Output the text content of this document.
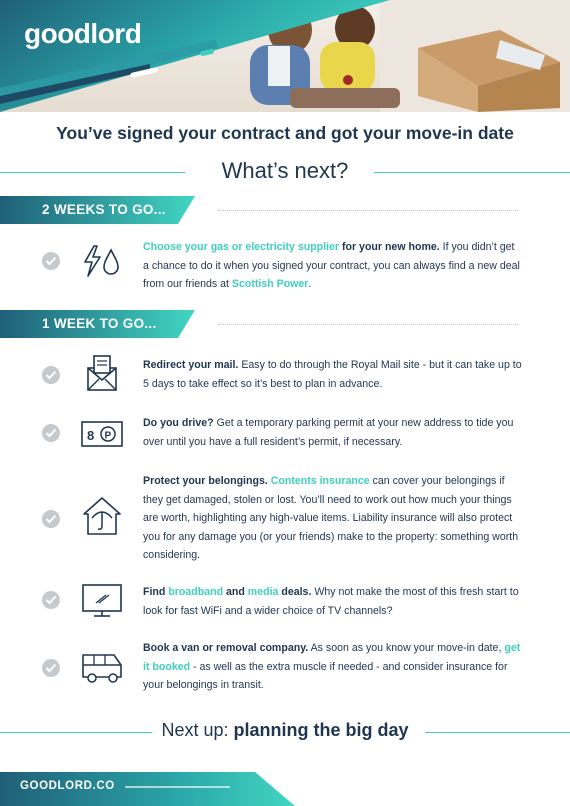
goodlord
You’ve signed your contract and got your move-in date
What’s next?
2 WEEKS TO GO...
Choose your gas or electricity supplier for your new home. If you didn’t get a chance to do it when you signed your contract, you can always find a new deal from our friends at Scottish Power.
1 WEEK TO GO...
Redirect your mail. Easy to do through the Royal Mail site - but it can take up to 5 days to take effect so it’s best to plan in advance.
8 P
Do you drive? Get a temporary parking permit at your new address to tide you over until you have a full resident’s permit, if necessary.
Protect your belongings. Contents insurance can cover your belongings if they get damaged, stolen or lost. You’ll need to work out how much your things are worth, highlighting any high-value items. Liability insurance will also protect you for any damage you (or your friends) make to the property: something worth considering.
Find broadband and media deals. Why not make the most of this fresh start to look for fast WiFi and a wider choice of TV channels?
Book a van or removal company. As soon as you know your move-in date, get it booked - as well as the extra muscle if needed - and consider insurance for your belongings in transit.
Next up: planning the big day
GOODLORD.CO
